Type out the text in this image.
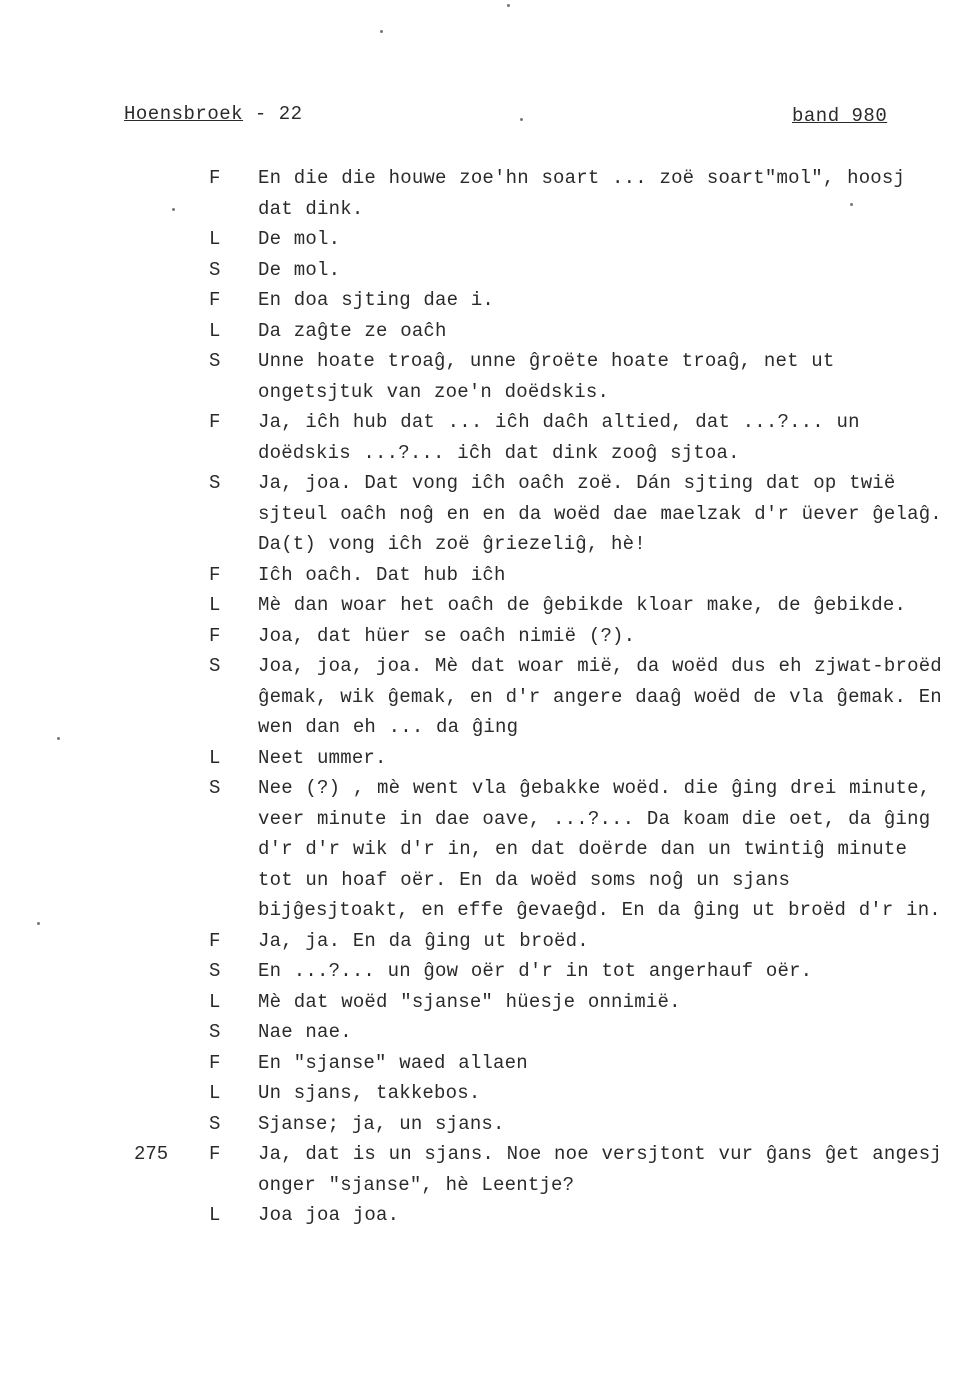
Hoensbroek - 22	band 980
F	En die die houwe zoe'hn soart ... zoë soart"mol", hoosj dat dink.
L	De mol.
S	De mol.
F	En doa sjting dae i.
L	Da zaĝte ze oaĉh
S	Unne hoate troaĝ, unne ĝroëte hoate troaĝ, net ut ongetsjtuk van zoe'n doëdskis.
F	Ja, iĉh hub dat ... iĉh daĉh altied, dat ...?... un doëdskis ...?... iĉh dat dink zooĝ sjtoa.
S	Ja, joa. Dat vong iĉh oaĉh zoë. Dán sjting dat op twië sjteul oaĉh noĝ en en da woëd dae maelzak d'r üever ĝelaĝ. Da(t) vong iĉh zoë ĝriezeliĝ, hè!
F	Iĉh oaĉh. Dat hub iĉh
L	Mè dan woar het oaĉh de ĝebikde kloar make, de ĝebikde.
F	Joa, dat hüer se oaĉh nimië (?).
S	Joa, joa, joa. Mè dat woar mië, da woëd dus eh zjwat-broëd ĝemak, wik ĝemak, en d'r angere daaĝ woëd de vla ĝemak. En wen dan eh ... da ĝing
L	Neet ummer.
S	Nee (?) , mè went vla ĝebakke woëd. die ĝing drei minute, veer minute in dae oave, ...?... Da koam die oet, da ĝing d'r d'r wik d'r in, en dat doërde dan un twintiĝ minute tot un hoaf oër. En da woëd soms noĝ un sjans bijĝesjtoakt, en effe ĝevaeĝd. En da ĝing ut broëd d'r in.
F	Ja, ja. En da ĝing ut broëd.
S	En ...?... un ĝow oër d'r in tot angerhauf oër.
L	Mè dat woëd "sjanse" hüesje onnimië.
S	Nae nae.
F	En "sjanse" waed allaen
L	Un sjans, takkebos.
S	Sjanse; ja, un sjans.
275	F	Ja, dat is un sjans. Noe noe versjtont vur ĝans ĝet angesj onger "sjanse", hè Leentje?
L	Joa joa joa.
